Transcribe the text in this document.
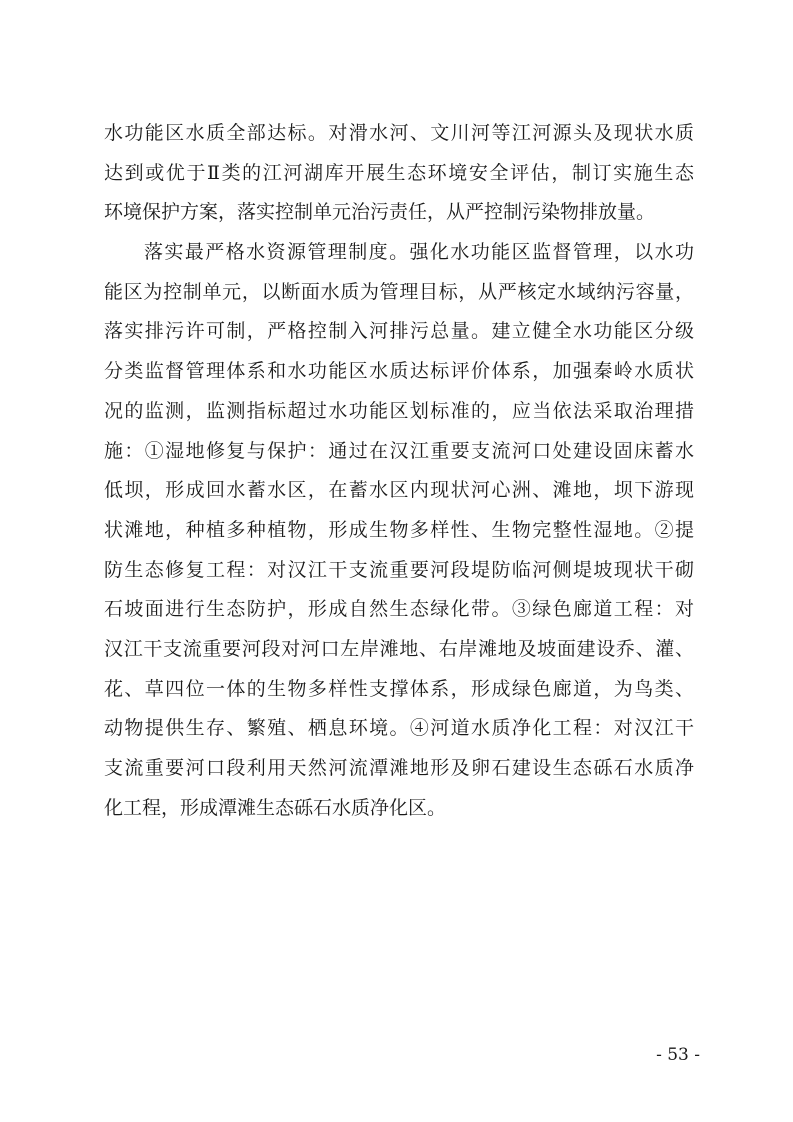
水功能区水质全部达标。对滑水河、文川河等江河源头及现状水质
达到或优于Ⅱ类的江河湖库开展生态环境安全评估，制订实施生态
环境保护方案，落实控制单元治污责任，从严控制污染物排放量。
落实最严格水资源管理制度。强化水功能区监督管理，以水功
能区为控制单元，以断面水质为管理目标，从严核定水域纳污容量，
落实排污许可制，严格控制入河排污总量。建立健全水功能区分级
分类监督管理体系和水功能区水质达标评价体系，加强秦岭水质状
况的监测，监测指标超过水功能区划标准的，应当依法采取治理措
施：①湿地修复与保护：通过在汉江重要支流河口处建设固床蓄水
低坝，形成回水蓄水区，在蓄水区内现状河心洲、滩地，坝下游现
状滩地，种植多种植物，形成生物多样性、生物完整性湿地。②提
防生态修复工程：对汉江干支流重要河段堤防临河侧堤坡现状干砌
石坡面进行生态防护，形成自然生态绿化带。③绿色廊道工程：对
汉江干支流重要河段对河口左岸滩地、右岸滩地及坡面建设乔、灌、
花、草四位一体的生物多样性支撑体系，形成绿色廊道，为鸟类、
动物提供生存、繁殖、栖息环境。④河道水质净化工程：对汉江干
支流重要河口段利用天然河流潭滩地形及卵石建设生态砾石水质净
化工程，形成潭滩生态砾石水质净化区。
- 53 -
